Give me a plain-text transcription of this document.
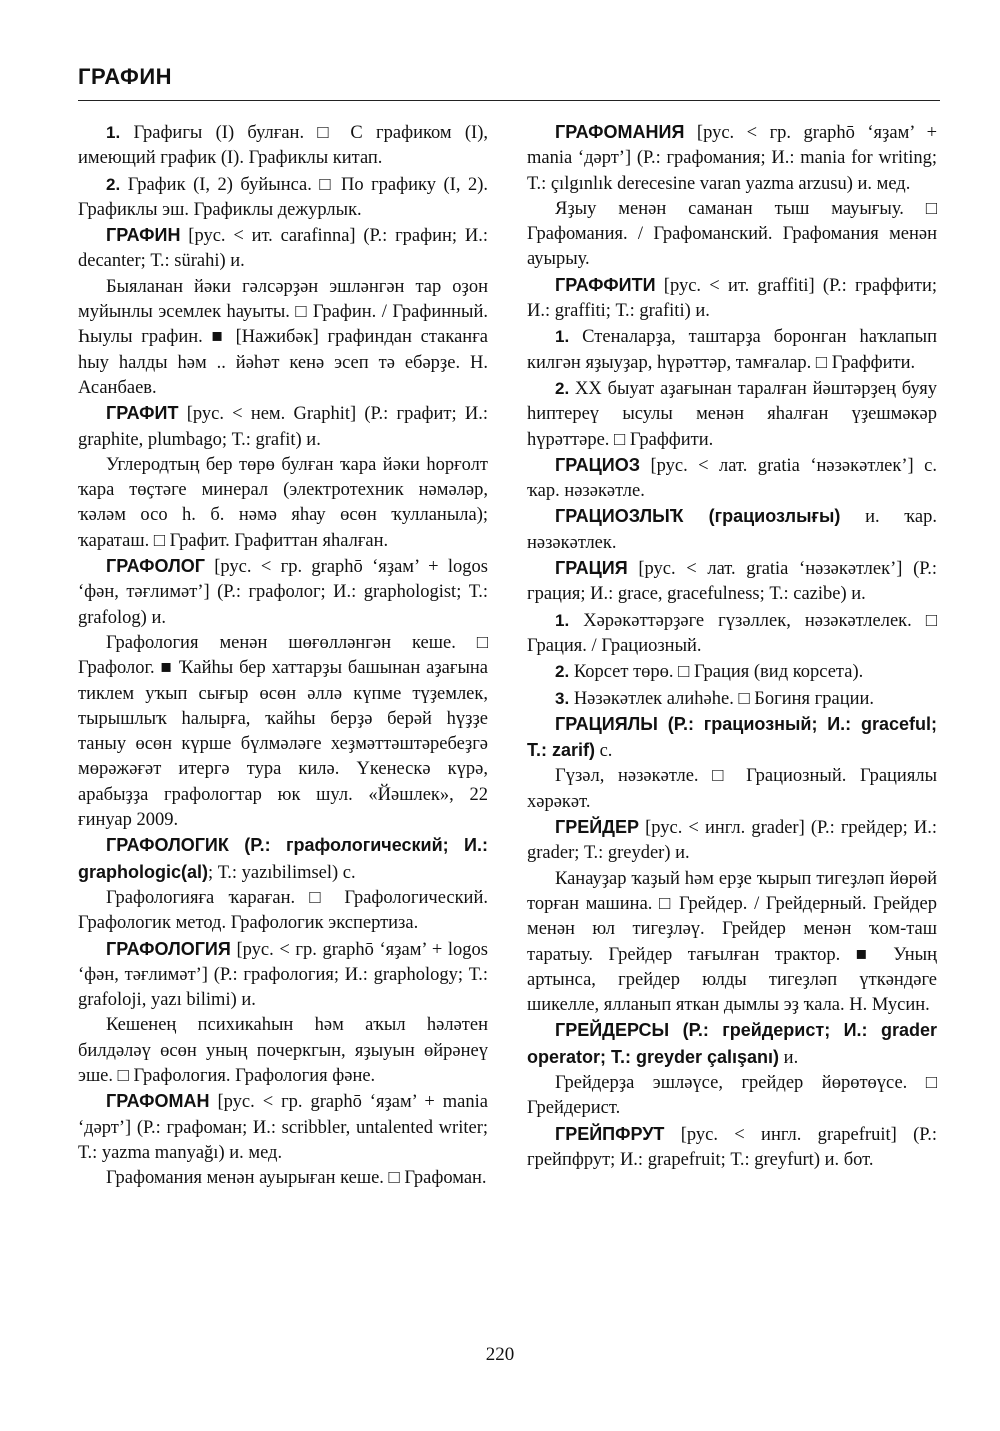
ГРАФИН

1. Графигы (I) булған. □ С графиком (I), имеющий график (I). Графиклы китап.

2. График (I, 2) буйынса. □ По графику (I, 2). Графиклы эш. Графиклы дежурлык.

ГРАФИН [рус. < ит. carafinna] (Р.: графин; И.: decanter; Т.: sürahi) и.

Быяланан йәки гәлсәрҙән эшләнгән тар оҙон муйынлы эсемлек һауыты. □ Графин. / Графинный. Һыулы графин. ■ [Нажибәк] графиндан стаканға һыу һалды һәм .. йәһәт кенә эсеп тә ебәрҙе. Н. Асанбаев.

ГРАФИТ [рус. < нем. Graphit] (Р.: графит; И.: graphite, plumbago; Т.: grafit) и.

Углеродтың бер төрө булған ҡара йәки һорғолт ҡара төҫтәге минерал (электротехник нәмәләр, ҡәләм осо һ. б. нәмә яһау өсөн ҡулланыла); ҡараташ. □ Графит. Графиттан яһалған.

ГРАФОЛОГ [рус. < гр. graphō ‘яҙам’ + logos ‘фән, тәғлимәт’] (Р.: графолог; И.: graphologist; Т.: grafolog) и.

Графология менән шөғөлләнгән кеше. □ Графолог. ■ Ҡайһы бер хаттарҙы башынан аҙағына тиклем уҡып сығыр өсөн әллә күпме түҙемлек, тырышлыҡ һалырға, ҡайһы берҙә берәй һүҙҙе таныу өсөн күрше бүлмәләге хеҙмәттәштәребеҙгә мөрәжәғәт итергә тура килә. Үкенескә күрә, арабыҙҙа графологтар юк шул. «Йәшлек», 22 ғинуар 2009.

ГРАФОЛОГИК (Р.: графологический; И.: graphologic(al); Т.: yazıbilimsel) с.

Графологияға ҡараған. □ Графологический. Графологик метод. Графологик экспертиза.

ГРАФОЛОГИЯ [рус. < гр. graphō ‘яҙам’ + logos ‘фән, тәғлимәт’] (Р.: графология; И.: graphology; Т.: grafoloji, yazı bilimi) и.

Кешенең психикаһын һәм аҡыл һәләтен билдәләү өсөн уның почеркгын, яҙыуын өйрәнеү эше. □ Графология. Графология фәне.

ГРАФОМАН [рус. < гр. graphō ‘яҙам’ + mania ‘дәрт’] (Р.: графоман; И.: scribbler, untalented writer; Т.: yazma manyağı) и. мед.

Графомания менән ауырыған кеше. □ Графоман.

ГРАФОМАНИЯ [рус. < гр. graphō ‘яҙам’ + mania ‘дәрт’] (Р.: графомания; И.: mania for writing; Т.: çılgınlık derecesine varan yazma arzusu) и. мед.

Яҙыу менән саманан тыш мауығыу. □ Графомания. / Графоманский. Графомания менән ауырыу.

ГРАФФИТИ [рус. < ит. graffiti] (Р.: граффити; И.: graffiti; Т.: grafiti) и.

1. Стеналарҙа, таштарҙа боронган һаҡлапып килгән яҙыуҙар, һүрәттәр, тамғалар. □ Граффити.

2. XX быуат аҙағынан таралған йәштәрҙең буяу һиптереү ысулы менән яһалған үҙешмәкәр һүрәттәре. □ Граффити.

ГРАЦИОЗ [рус. < лат. gratia ‘нәзәкәтлек’] с. ҡар. нәзәкәтле.

ГРАЦИОЗЛЫҠ (грациозлығы) и. ҡар. нәзәкәтлек.

ГРАЦИЯ [рус. < лат. gratia ‘нәзәкәтлек’] (Р.: грация; И.: grace, gracefulness; Т.: cazibe) и.

1. Хәрәкәттәрҙәге гүзәллек, нәзәкәтлелек. □ Грация. / Грациозный.

2. Корсет төрө. □ Грация (вид корсета).

3. Нәзәкәтлек алиһәһе. □ Богиня грации.

ГРАЦИЯЛЫ (Р.: грациозный; И.: graceful; Т.: zarif) с.

Гүзәл, нәзәкәтле. □ Грациозный. Грациялы хәрәкәт.

ГРЕЙДЕР [рус. < ингл. grader] (Р.: грейдер; И.: grader; Т.: greyder) и.

Канауҙар ҡаҙый һәм ерҙе ҡырып тигеҙләп йөрөй торған машина. □ Грейдер. / Грейдерный. Грейдер менән юл тигеҙләү. Грейдер менән ҡом-таш таратыу. Грейдер тағылған трактор. ■ Уның артынса, грейдер юлды тигеҙләп үткәндәге шикелле, ялланып яткан дымлы эҙ ҡала. Н. Мусин.

ГРЕЙДЕРСЫ (Р.: грейдерист; И.: grader operator; Т.: greyder çalışanı) и.

Грейдерҙа эшләүсе, грейдер йөрөтөүсе. □ Грейдерист.

ГРЕЙПФРУТ [рус. < ингл. grapefruit] (Р.: грейпфрут; И.: grapefruit; Т.: greyfurt) и. бот.

220
